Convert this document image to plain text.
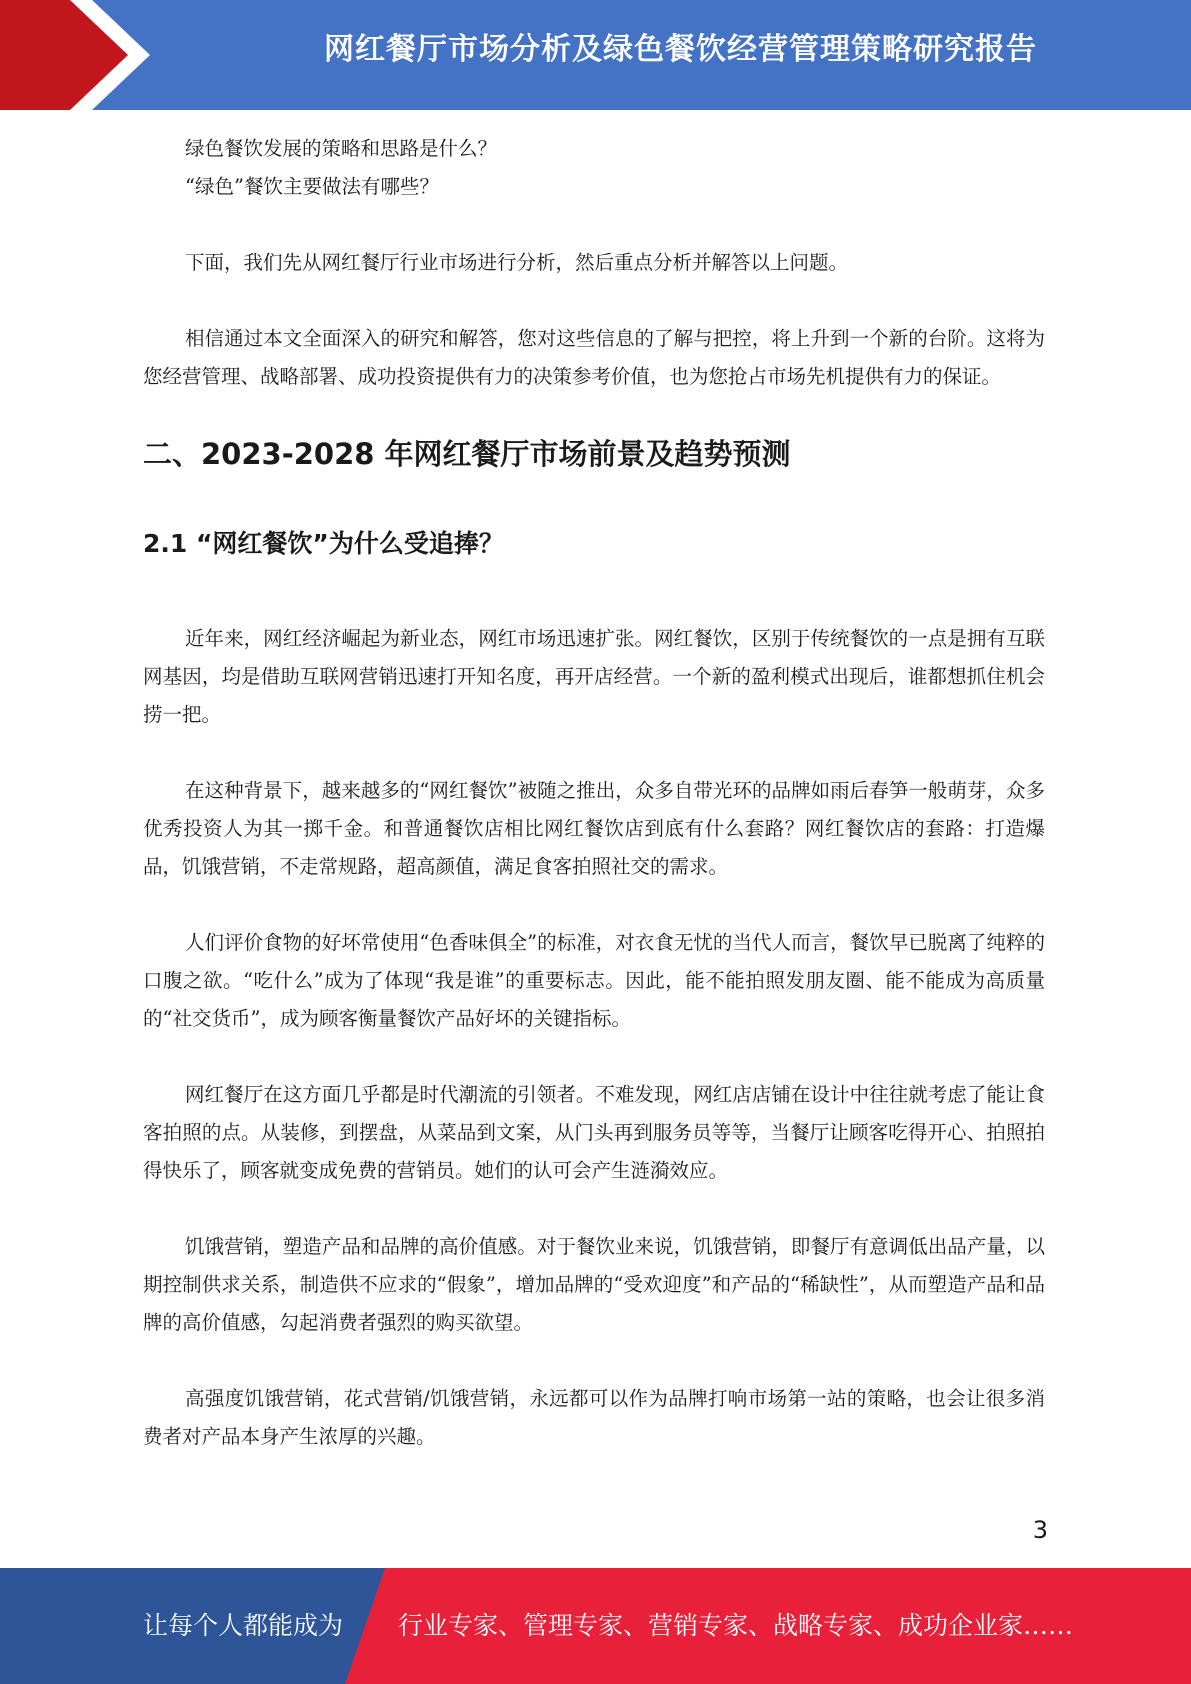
网红餐厅市场分析及绿色餐饮经营管理策略研究报告

绿色餐饮发展的策略和思路是什么？

“绿色”餐饮主要做法有哪些？

下面，我们先从网红餐厅行业市场进行分析，然后重点分析并解答以上问题。

相信通过本文全面深入的研究和解答，您对这些信息的了解与把控，将上升到一个新的台阶。这将为您经营管理、战略部署、成功投资提供有力的决策参考价值，也为您抢占市场先机提供有力的保证。

二、2023-2028 年网红餐厅市场前景及趋势预测
2.1 “网红餐饮”为什么受追捧？

近年来，网红经济崛起为新业态，网红市场迅速扩张。网红餐饮，区别于传统餐饮的一点是拥有互联网基因，均是借助互联网营销迅速打开知名度，再开店经营。一个新的盈利模式出现后，谁都想抓住机会捞一把。

在这种背景下，越来越多的“网红餐饮”被随之推出，众多自带光环的品牌如雨后春笋一般萌芽，众多优秀投资人为其一掷千金。和普通餐饮店相比网红餐饮店到底有什么套路？网红餐饮店的套路：打造爆品，饥饿营销，不走常规路，超高颜值，满足食客拍照社交的需求。

人们评价食物的好坏常使用“色香味俱全”的标准，对衣食无忧的当代人而言，餐饮早已脱离了纯粹的口腹之欲。“吃什么”成为了体现“我是谁”的重要标志。因此，能不能拍照发朋友圈、能不能成为高质量的“社交货币”，成为顾客衡量餐饮产品好坏的关键指标。

网红餐厅在这方面几乎都是时代潮流的引领者。不难发现，网红店店铺在设计中往往就考虑了能让食客拍照的点。从装修，到摆盘，从菜品到文案，从门头再到服务员等等，当餐厅让顾客吃得开心、拍照拍得快乐了，顾客就变成免费的营销员。她们的认可会产生涟漪效应。

饥饿营销，塑造产品和品牌的高价值感。对于餐饮业来说，饥饿营销，即餐厅有意调低出品产量，以期控制供求关系，制造供不应求的“假象”，增加品牌的“受欢迎度”和产品的“稀缺性”，从而塑造产品和品牌的高价值感，勾起消费者强烈的购买欲望。

高强度饥饿营销，花式营销/饥饿营销，永远都可以作为品牌打响市场第一站的策略，也会让很多消费者对产品本身产生浓厚的兴趣。

3
让每个人都能成为 行业专家、管理专家、营销专家、战略专家、成功企业家……
